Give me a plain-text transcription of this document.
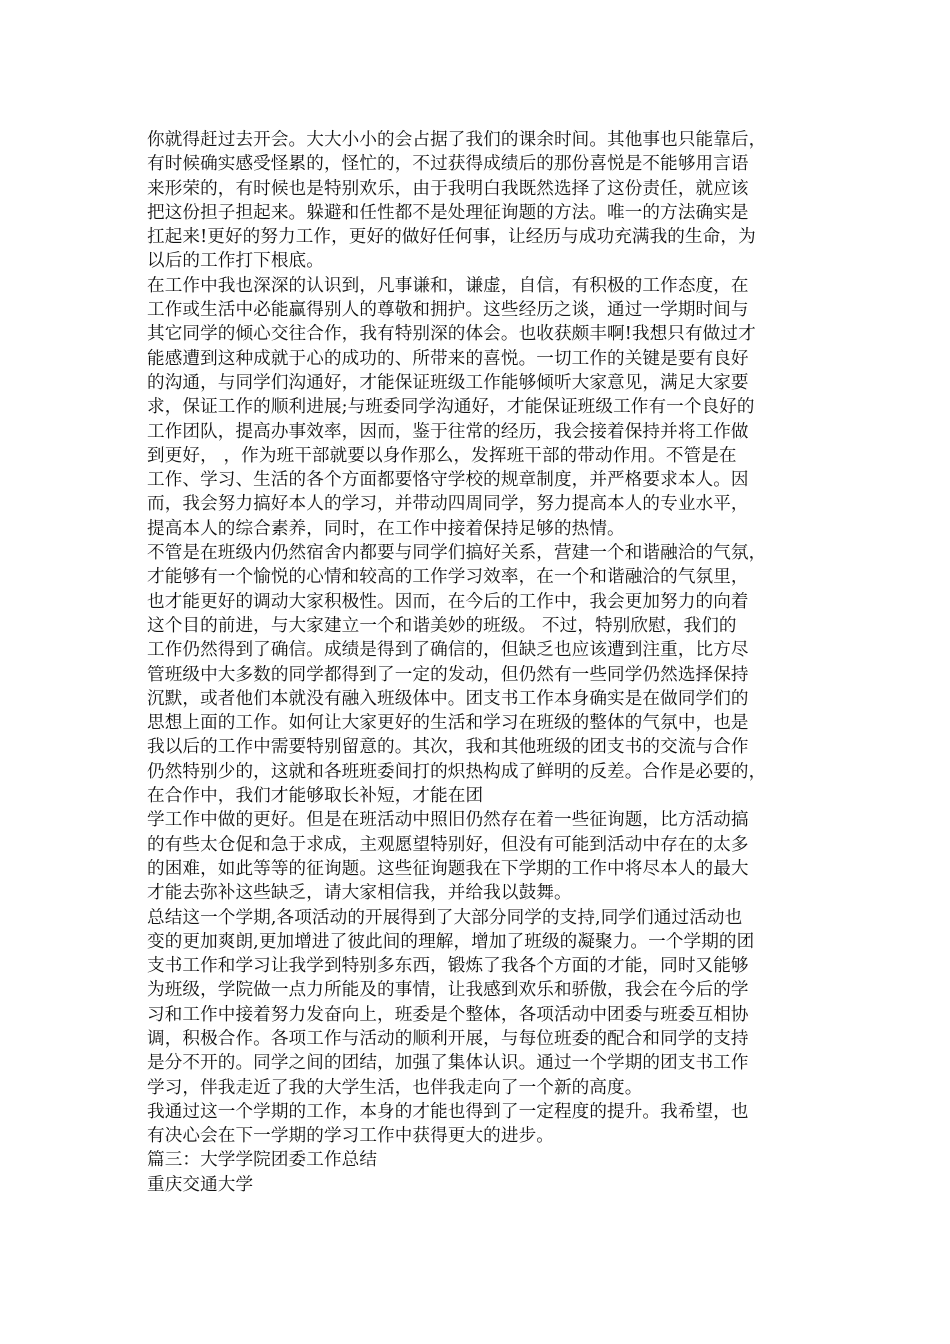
你就得赶过去开会。大大小小的会占据了我们的课余时间。其他事也只能靠后，
有时候确实感受怪累的，怪忙的，不过获得成绩后的那份喜悦是不能够用言语
来形荣的，有时候也是特别欢乐，由于我明白我既然选择了这份责任，就应该
把这份担子担起来。躲避和任性都不是处理征询题的方法。唯一的方法确实是
扛起来!更好的努力工作，更好的做好任何事，让经历与成功充满我的生命，为
以后的工作打下根底。
在工作中我也深深的认识到，凡事谦和，谦虚，自信，有积极的工作态度，在
工作或生活中必能赢得别人的尊敬和拥护。这些经历之谈，通过一学期时间与
其它同学的倾心交往合作，我有特别深的体会。也收获颇丰啊!我想只有做过才
能感遭到这种成就于心的成功的、所带来的喜悦。一切工作的关键是要有良好
的沟通，与同学们沟通好，才能保证班级工作能够倾听大家意见，满足大家要
求，保证工作的顺利进展;与班委同学沟通好，才能保证班级工作有一个良好的
工作团队，提高办事效率，因而，鉴于往常的经历，我会接着保持并将工作做
到更好， ，作为班干部就要以身作那么，发挥班干部的带动作用。不管是在
工作、学习、生活的各个方面都要恪守学校的规章制度，并严格要求本人。因
而，我会努力搞好本人的学习，并带动四周同学，努力提高本人的专业水平，
提高本人的综合素养，同时，在工作中接着保持足够的热情。
不管是在班级内仍然宿舍内都要与同学们搞好关系，营建一个和谐融洽的气氛，
才能够有一个愉悦的心情和较高的工作学习效率，在一个和谐融洽的气氛里，
也才能更好的调动大家积极性。因而，在今后的工作中，我会更加努力的向着
这个目的前进，与大家建立一个和谐美妙的班级。 不过，特别欣慰，我们的
工作仍然得到了确信。成绩是得到了确信的，但缺乏也应该遭到注重，比方尽
管班级中大多数的同学都得到了一定的发动，但仍然有一些同学仍然选择保持
沉默，或者他们本就没有融入班级体中。团支书工作本身确实是在做同学们的
思想上面的工作。如何让大家更好的生活和学习在班级的整体的气氛中，也是
我以后的工作中需要特别留意的。其次，我和其他班级的团支书的交流与合作
仍然特别少的，这就和各班班委间打的炽热构成了鲜明的反差。合作是必要的，
在合作中，我们才能够取长补短，才能在团
学工作中做的更好。但是在班活动中照旧仍然存在着一些征询题，比方活动搞
的有些太仓促和急于求成，主观愿望特别好，但没有可能到活动中存在的太多
的困难，如此等等的征询题。这些征询题我在下学期的工作中将尽本人的最大
才能去弥补这些缺乏，请大家相信我，并给我以鼓舞。
总结这一个学期,各项活动的开展得到了大部分同学的支持,同学们通过活动也
变的更加爽朗,更加增进了彼此间的理解，增加了班级的凝聚力。一个学期的团
支书工作和学习让我学到特别多东西，锻炼了我各个方面的才能，同时又能够
为班级，学院做一点力所能及的事情，让我感到欢乐和骄傲，我会在今后的学
习和工作中接着努力发奋向上，班委是个整体，各项活动中团委与班委互相协
调，积极合作。各项工作与活动的顺利开展，与每位班委的配合和同学的支持
是分不开的。同学之间的团结，加强了集体认识。通过一个学期的团支书工作
学习，伴我走近了我的大学生活，也伴我走向了一个新的高度。
我通过这一个学期的工作，本身的才能也得到了一定程度的提升。我希望，也
有决心会在下一学期的学习工作中获得更大的进步。
篇三：大学学院团委工作总结
重庆交通大学
